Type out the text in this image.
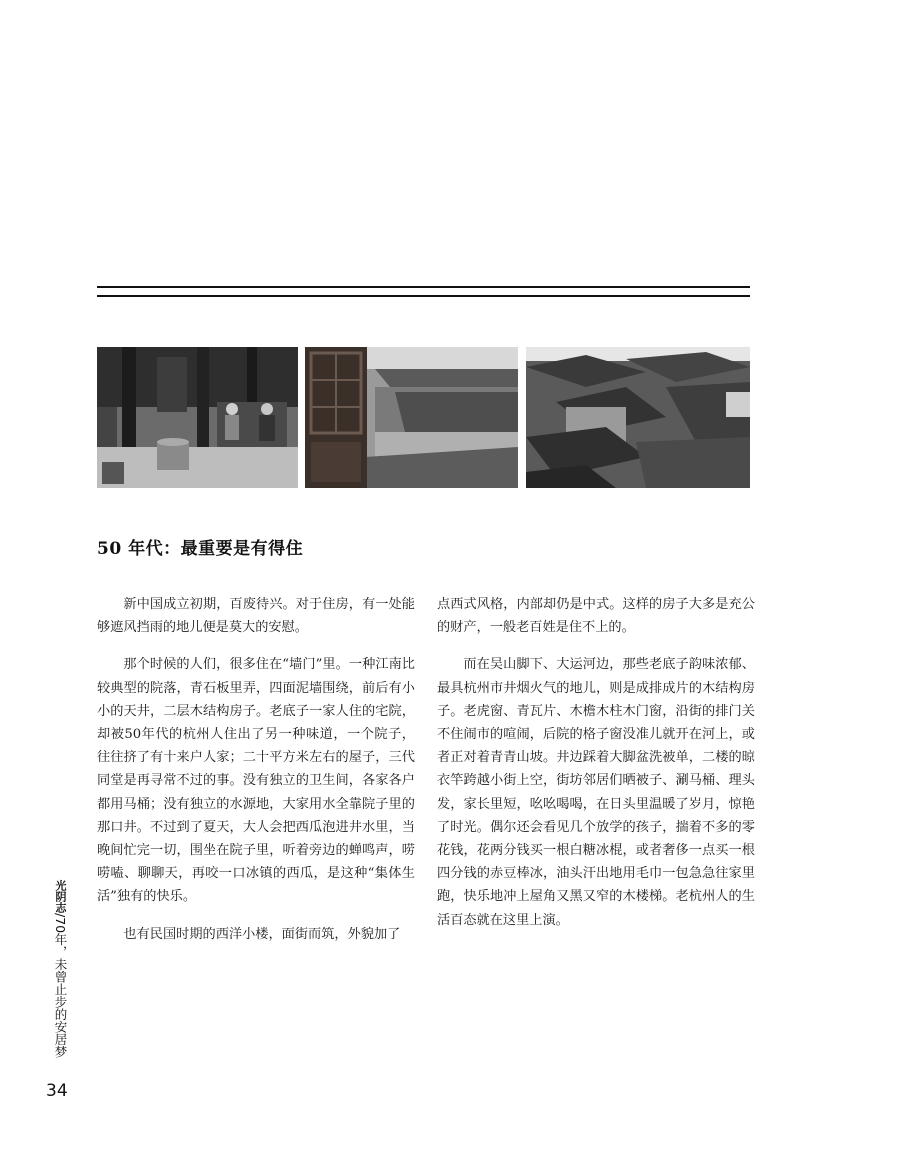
50 年代：最重要是有得住

新中国成立初期，百废待兴。对于住房，有一处能够遮风挡雨的地儿便是莫大的安慰。

那个时候的人们，很多住在“墙门”里。一种江南比较典型的院落，青石板里弄，四面泥墙围绕，前后有小小的天井，二层木结构房子。老底子一家人住的宅院，却被50年代的杭州人住出了另一种味道，一个院子，往往挤了有十来户人家；二十平方米左右的屋子，三代同堂是再寻常不过的事。没有独立的卫生间，各家各户都用马桶；没有独立的水源地，大家用水全靠院子里的那口井。不过到了夏天，大人会把西瓜泡进井水里，当晚间忙完一切，围坐在院子里，听着旁边的蝉鸣声，唠唠嗑、聊聊天，再咬一口冰镇的西瓜，是这种“集体生活”独有的快乐。

也有民国时期的西洋小楼，面街而筑，外貌加了

点西式风格，内部却仍是中式。这样的房子大多是充公的财产，一般老百姓是住不上的。

而在吴山脚下、大运河边，那些老底子韵味浓郁、最具杭州市井烟火气的地儿，则是成排成片的木结构房子。老虎窗、青瓦片、木檐木柱木门窗，沿街的排门关不住闹市的喧闹，后院的格子窗没准儿就开在河上，或者正对着青青山坡。井边踩着大脚盆洗被单，二楼的晾衣竿跨越小街上空，街坊邻居们晒被子、涮马桶、理头发，家长里短，吆吆喝喝，在日头里温暖了岁月，惊艳了时光。偶尔还会看见几个放学的孩子，揣着不多的零花钱，花两分钱买一根白糖冰棍，或者奢侈一点买一根四分钱的赤豆棒冰，油头汗出地用毛巾一包急急往家里跑，快乐地冲上屋角又黑又窄的木楼梯。老杭州人的生活百态就在这里上演。

光阴志/70年，未曾止步的安居梦
34
